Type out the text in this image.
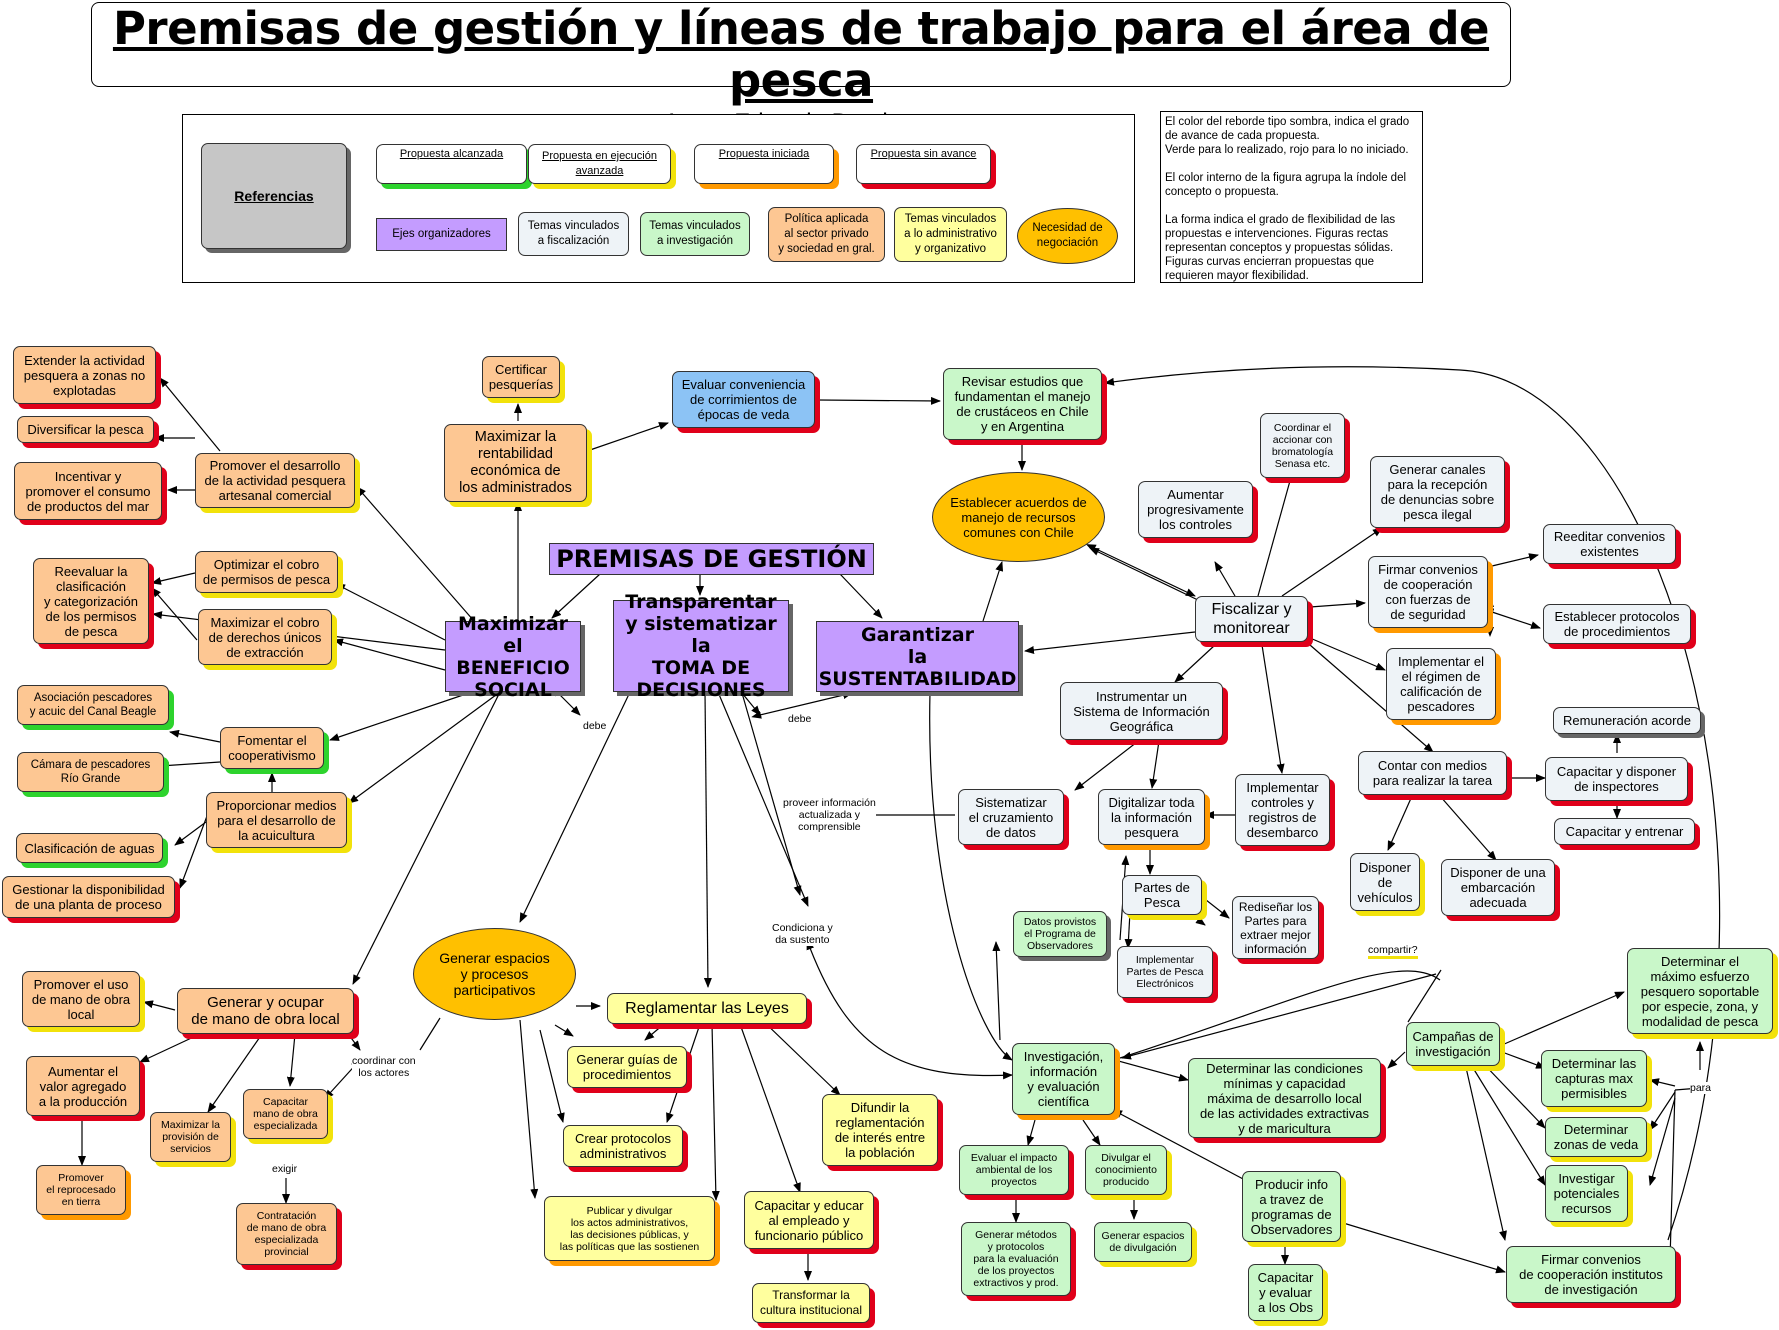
Premisas de gestión y líneas de trabajo para el área de pesca
Referencias
Propuesta alcanzada	Propuesta en ejecución
avanzada
Propuesta iniciada	Propuesta sin avance
Ejes organizadores
Temas vinculados
a fiscalización
Temas vinculados
a investigación
Política aplicada
al sector privado
y sociedad en gral.
Temas vinculados
a lo administrativo
y organizativo
Necesidad de
negociación
El color del reborde tipo sombra, indica el grado de avance de cada propuesta.
Verde para lo realizado, rojo para lo no iniciado.

El color interno de la figura agrupa la índole del concepto o propuesta.

La forma indica el grado de flexibilidad de las propuestas e intervenciones. Figuras rectas representan conceptos y propuestas sólidas. Figuras curvas encierran propuestas que requieren mayor flexibilidad.
PREMISAS DE GESTIÓN
Maximizar el
BENEFICIO
SOCIAL
Transparentar
y sistematizar la
TOMA DE
DECISIONES
Garantizar
la
SUSTENTABILIDAD
Extender la actividad
pesquera a zonas no
explotadas
Diversificar la pesca
Incentivar y
promover el consumo
de productos del mar
Promover el desarrollo
de la actividad pesquera
artesanal comercial
Certificar
pesquerías
Maximizar la
rentabilidad
económica de
los administrados
Evaluar conveniencia
de corrimientos de
épocas de veda
Revisar estudios que
fundamentan el manejo
de crustáceos en Chile
y en Argentina
Establecer acuerdos de
manejo de recursos
comunes con Chile
Reevaluar la
clasificación
y categorización
de los permisos
de pesca
Optimizar el cobro
de permisos de pesca
Maximizar el cobro
de derechos únicos
de extracción
Asociación pescadores
y acuic del Canal Beagle
Cámara de pescadores
Río Grande
Fomentar el
cooperativismo
Proporcionar medios
para el desarrollo de
la acuicultura
Clasificación de aguas
Gestionar la disponibilidad
de una planta de proceso
Promover el uso
de mano de obra
local
Generar y ocupar
de mano de obra local
Aumentar el
valor agregado
a la producción
Promover
el reprocesado
en tierra
Maximizar la
provisión de
servicios
Capacitar
mano de obra
especializada
Contratación
de mano de obra
especializada
provincial
Generar espacios
y procesos
participativos
Reglamentar las Leyes
Generar guías de
procedimientos
Crear protocolos
administrativos
Publicar y divulgar
los actos administrativos,
las decisiones públicas, y
las políticas que las sostienen
Capacitar y educar
al empleado y
funcionario público
Transformar la
cultura institucional
Difundir la
reglamentación
de interés entre
la población
Fiscalizar y
monitorear
Coordinar el
accionar con
bromatología
Senasa etc.
Aumentar
progresivamente
los controles
Generar canales
para la recepción
de denuncias sobre
pesca ilegal
Firmar convenios
de cooperación
con fuerzas de
de seguridad
Reeditar convenios
existentes
Establecer protocolos
de procedimientos
Implementar el
el régimen de
calificación de
pescadores
Instrumentar un
Sistema de Información
Geográfica
Sistematizar
el cruzamiento
de datos
Digitalizar toda
la información
pesquera
Implementar
controles y
registros de
desembarco
Partes de
Pesca	Rediseñar los
Partes para
extraer mejor
información
Implementar
Partes de Pesca
Electrónicos
Datos provistos
el Programa de
Observadores
Contar con medios
para realizar la tarea
Remuneración acorde
Capacitar y disponer
de inspectores
Capacitar y entrenar
Disponer
de
vehículos
Disponer de una
embarcación
adecuada
Investigación,
información
y evaluación
científica
Determinar las condiciones
mínimas y capacidad
máxima de desarrollo local
de las actividades extractivas
y de maricultura
Campañas de
investigación
Determinar el
máximo esfuerzo
pesquero soportable
por especie, zona, y
modalidad de pesca
Determinar las
capturas max
permisibles
Determinar
zonas de veda
Investigar
potenciales
recursos
Firmar convenios
de cooperación institutos
de investigación
Evaluar el impacto
ambiental de los
proyectos
Divulgar el
conocimiento
producido
Generar métodos
y protocolos
para la evaluación
de los proyectos
extractivos y prod.
Generar espacios
de divulgación
Producir info
a travez de
programas de
Observadores
Capacitar
y evaluar
a los Obs
debe
debe
proveer información
actualizada y
comprensible
Condiciona y
da sustento
coordinar con
los actores
exigir
compartir?
para
